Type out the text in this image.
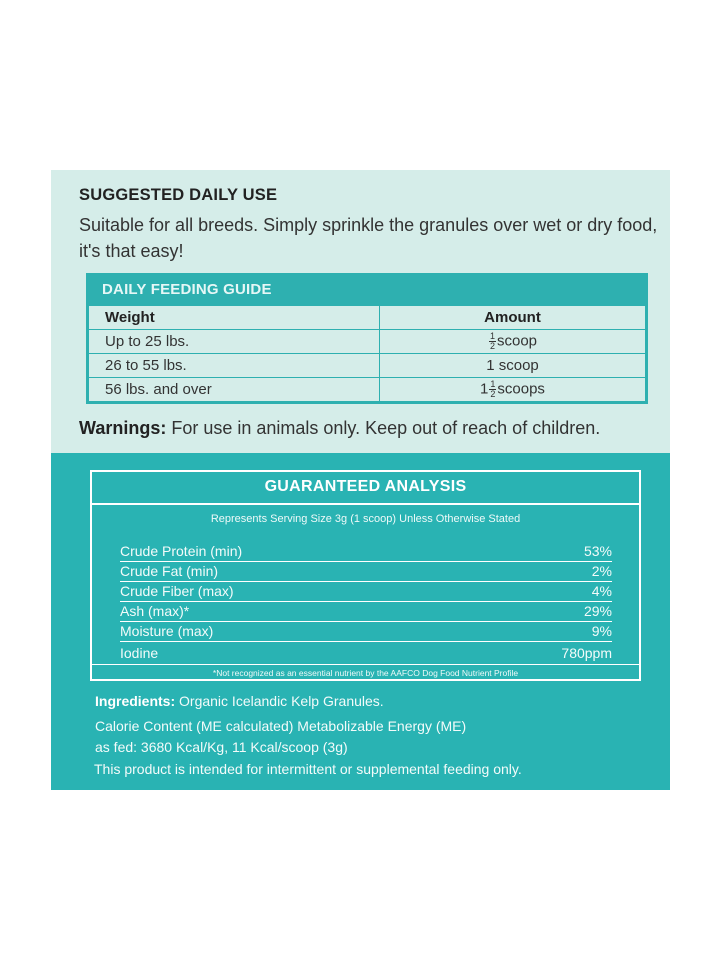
SUGGESTED DAILY USE
Suitable for all breeds. Simply sprinkle the granules over wet or dry food, it's that easy!
DAILY FEEDING GUIDE
Weight	Amount
Up to 25 lbs.	$\frac{1}{2}$ scoop
26 to 55 lbs.	1 scoop
56 lbs. and over	$1 \frac{1}{2}$ scoops
Warnings: For use in animals only. Keep out of reach of children.
GUARANTEED ANALYSIS
Represents Serving Size 3g (1 scoop) Unless Otherwise Stated
Crude Protein (min)	53%
Crude Fat (min)	2%
Crude Fiber (max)	4%
Ash (max)*	29%
Moisture (max)	9%
Iodine	780ppm
*Not recognized as an essential nutrient by the AAFCO Dog Food Nutrient Profile
Ingredients: Organic Icelandic Kelp Granules.
Calorie Content (ME calculated) Metabolizable Energy (ME)
as fed: 3680 Kcal/Kg, 11 Kcal/scoop (3g)
This product is intended for intermittent or supplemental feeding only.
